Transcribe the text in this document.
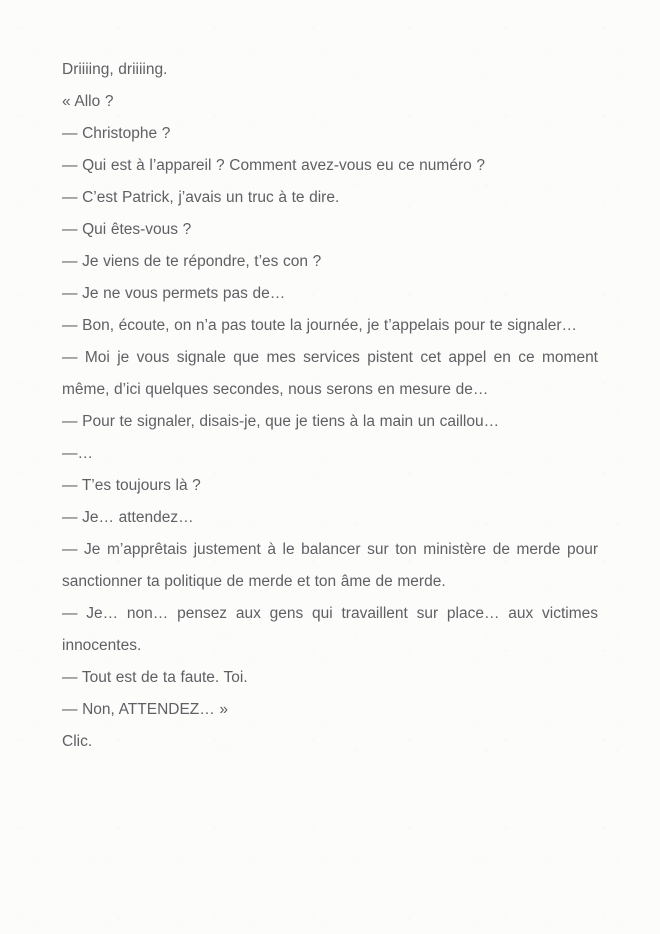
Driiiing, driiiing.

« Allo ?

— Christophe ?

— Qui est à l’appareil ? Comment avez-vous eu ce numéro ?

— C’est Patrick, j’avais un truc à te dire.

— Qui êtes-vous ?

— Je viens de te répondre, t’es con ?

— Je ne vous permets pas de…

— Bon, écoute, on n’a pas toute la journée, je t’appelais pour te signaler…

— Moi je vous signale que mes services pistent cet appel en ce moment même, d’ici quelques secondes, nous serons en mesure de…

— Pour te signaler, disais-je, que je tiens à la main un caillou…

—…

— T’es toujours là ?

— Je… attendez…

— Je m’apprêtais justement à le balancer sur ton ministère de merde pour sanctionner ta politique de merde et ton âme de merde.

— Je… non… pensez aux gens qui travaillent sur place… aux victimes innocentes.

— Tout est de ta faute. Toi.

— Non, ATTENDEZ… »

Clic.
